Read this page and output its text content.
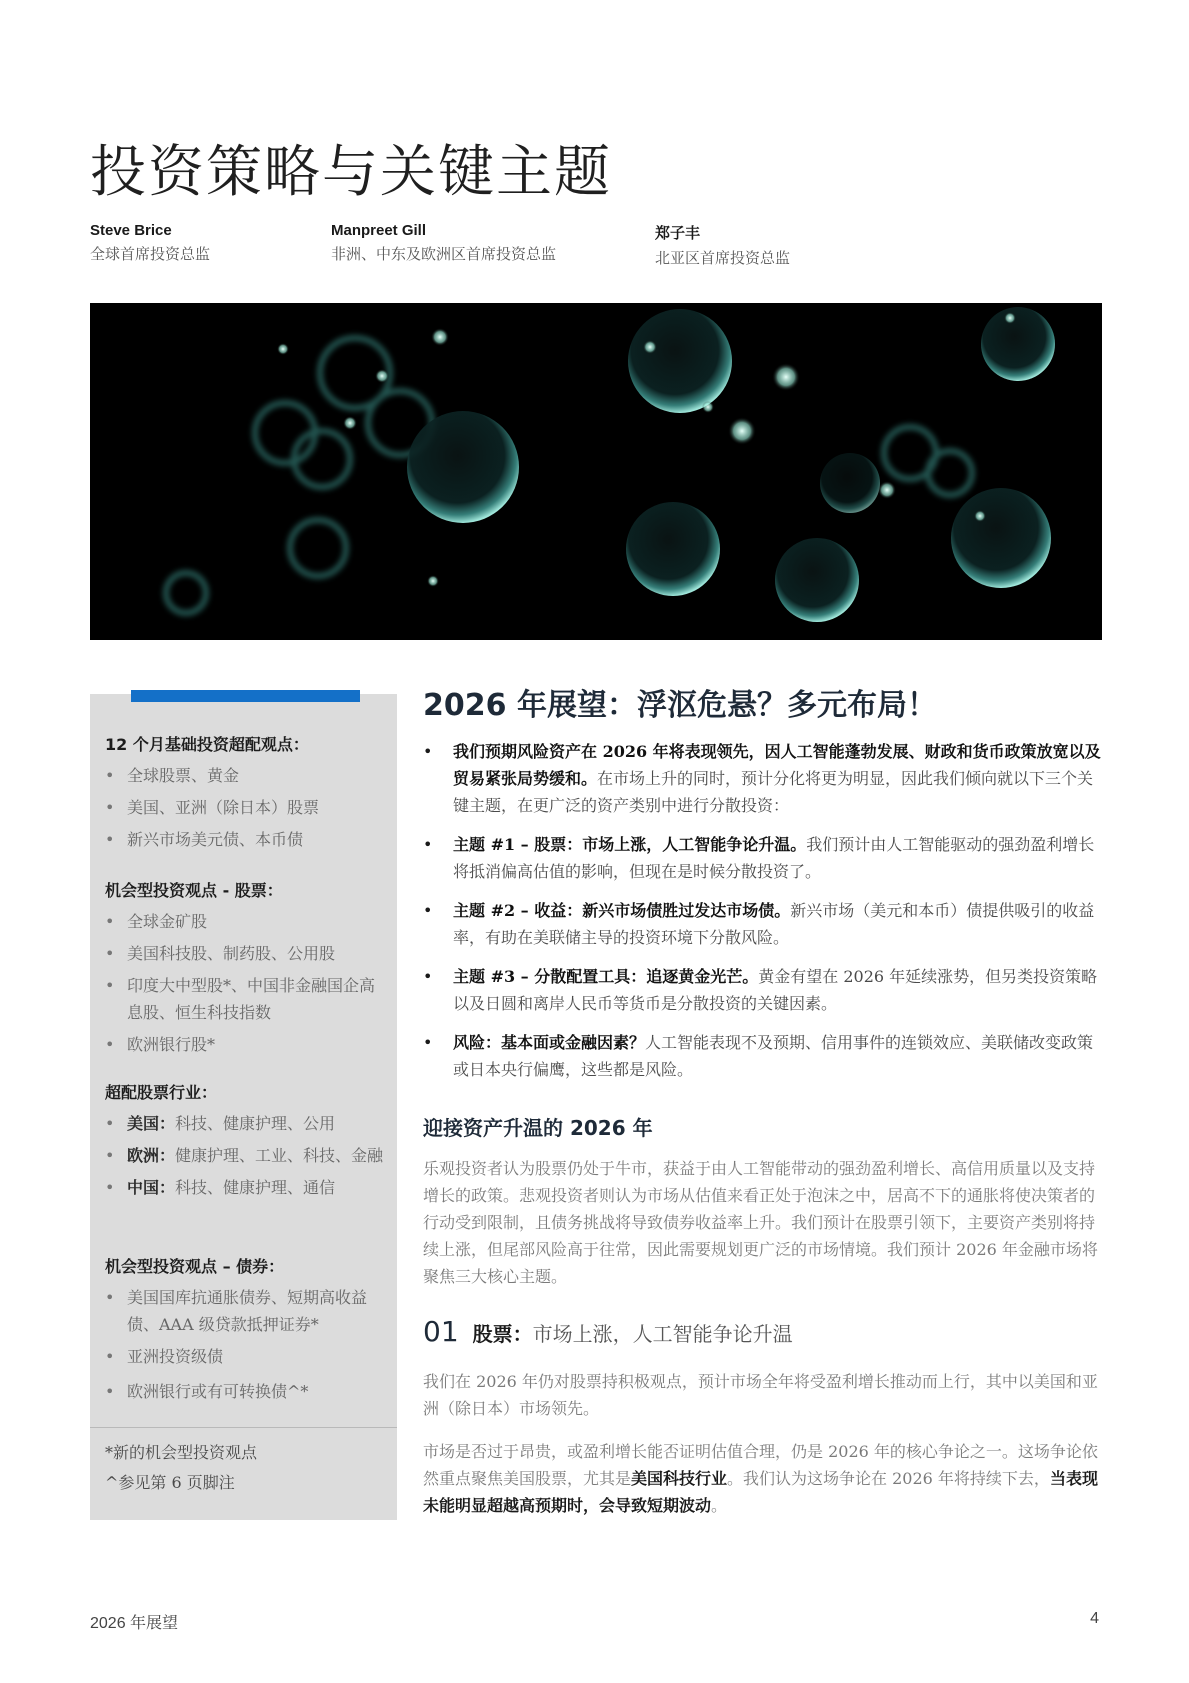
投资策略与关键主题
Steve Brice
全球首席投资总监
Manpreet Gill
非洲、中东及欧洲区首席投资总监
郑子丰
北亚区首席投资总监
12 个月基础投资超配观点：
• 全球股票、黄金
• 美国、亚洲（除日本）股票
• 新兴市场美元债、本币债
机会型投资观点 - 股票：
• 全球金矿股
• 美国科技股、制药股、公用股
• 印度大中型股*、中国非金融国企高息股、恒生科技指数
• 欧洲银行股*
超配股票行业：
• 美国：科技、健康护理、公用
• 欧洲：健康护理、工业、科技、金融
• 中国：科技、健康护理、通信
机会型投资观点 – 债券：
• 美国国库抗通胀债券、短期高收益债、AAA 级贷款抵押证券*
• 亚洲投资级债
• 欧洲银行或有可转换债^*
*新的机会型投资观点
^参见第 6 页脚注
2026 年展望：浮沤危悬？多元布局！
• 我们预期风险资产在 2026 年将表现领先，因人工智能蓬勃发展、财政和货币政策放宽以及贸易紧张局势缓和。在市场上升的同时，预计分化将更为明显，因此我们倾向就以下三个关键主题，在更广泛的资产类别中进行分散投资：
• 主题 #1 – 股票：市场上涨，人工智能争论升温。我们预计由人工智能驱动的强劲盈利增长将抵消偏高估值的影响，但现在是时候分散投资了。
• 主题 #2 – 收益：新兴市场债胜过发达市场债。新兴市场（美元和本币）债提供吸引的收益率，有助在美联储主导的投资环境下分散风险。
• 主题 #3 – 分散配置工具：追逐黄金光芒。黄金有望在 2026 年延续涨势，但另类投资策略以及日圆和离岸人民币等货币是分散投资的关键因素。
• 风险：基本面或金融因素？人工智能表现不及预期、信用事件的连锁效应、美联储改变政策或日本央行偏鹰，这些都是风险。
迎接资产升温的 2026 年

乐观投资者认为股票仍处于牛市，获益于由人工智能带动的强劲盈利增长、高信用质量以及支持增长的政策。悲观投资者则认为市场从估值来看正处于泡沫之中，居高不下的通胀将使决策者的行动受到限制，且债务挑战将导致债券收益率上升。我们预计在股票引领下，主要资产类别将持续上涨，但尾部风险高于往常，因此需要规划更广泛的市场情境。我们预计 2026 年金融市场将聚焦三大核心主题。

01 股票： 市场上涨，人工智能争论升温

我们在 2026 年仍对股票持积极观点，预计市场全年将受盈利增长推动而上行，其中以美国和亚洲（除日本）市场领先。

市场是否过于昂贵，或盈利增长能否证明估值合理，仍是 2026 年的核心争论之一。这场争论依然重点聚焦美国股票，尤其是美国科技行业。我们认为这场争论在 2026 年将持续下去，当表现未能明显超越高预期时，会导致短期波动。

2026 年展望	4
